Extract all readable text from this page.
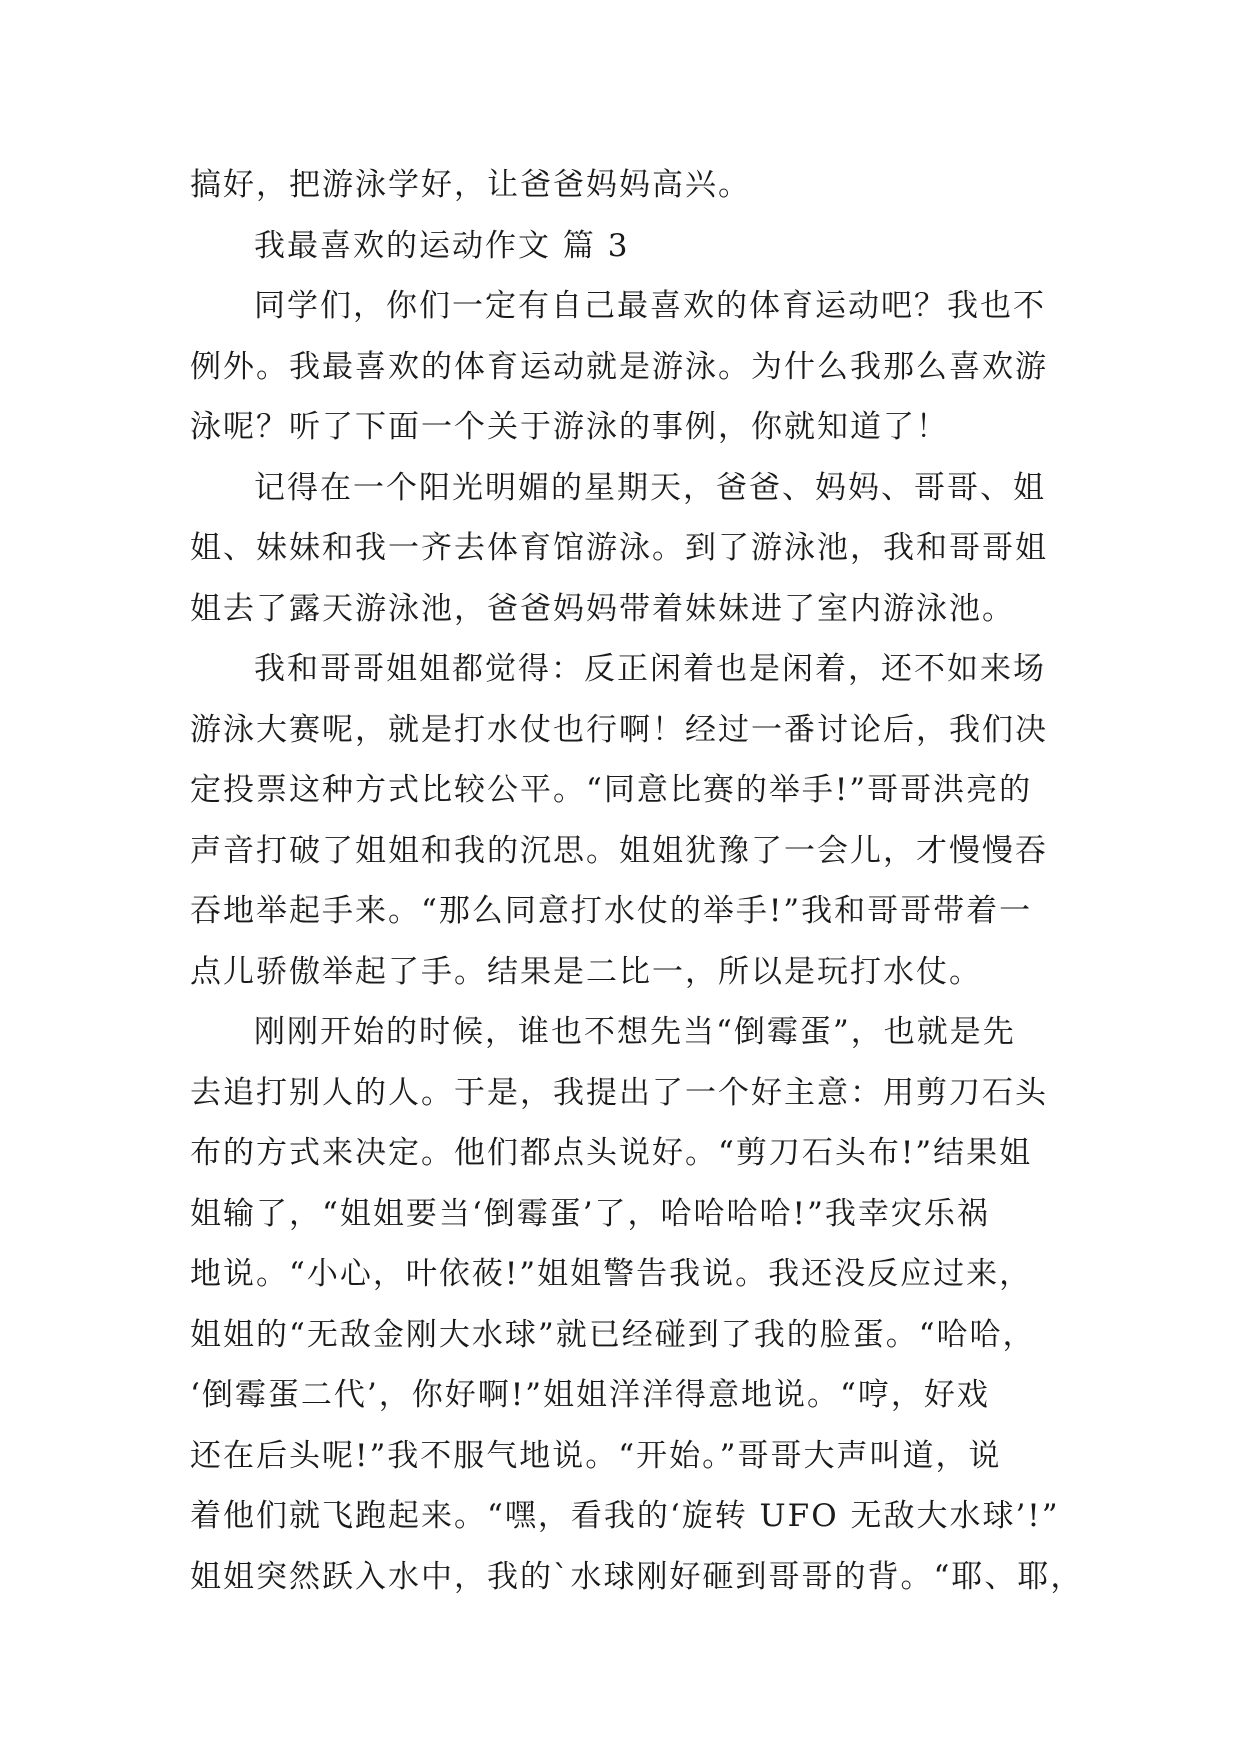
搞好，把游泳学好，让爸爸妈妈高兴。
我最喜欢的运动作文 篇 3
同学们，你们一定有自己最喜欢的体育运动吧？我也不
例外。我最喜欢的体育运动就是游泳。为什么我那么喜欢游
泳呢？听了下面一个关于游泳的事例，你就知道了！
记得在一个阳光明媚的星期天，爸爸、妈妈、哥哥、姐
姐、妹妹和我一齐去体育馆游泳。到了游泳池，我和哥哥姐
姐去了露天游泳池，爸爸妈妈带着妹妹进了室内游泳池。
我和哥哥姐姐都觉得：反正闲着也是闲着，还不如来场
游泳大赛呢，就是打水仗也行啊！经过一番讨论后，我们决
定投票这种方式比较公平。“同意比赛的举手!”哥哥洪亮的
声音打破了姐姐和我的沉思。姐姐犹豫了一会儿，才慢慢吞
吞地举起手来。“那么同意打水仗的举手!”我和哥哥带着一
点儿骄傲举起了手。结果是二比一，所以是玩打水仗。
刚刚开始的时候，谁也不想先当“倒霉蛋”，也就是先
去追打别人的人。于是，我提出了一个好主意：用剪刀石头
布的方式来决定。他们都点头说好。“剪刀石头布!”结果姐
姐输了，“姐姐要当‘倒霉蛋’了，哈哈哈哈!”我幸灾乐祸
地说。“小心，叶依莜!”姐姐警告我说。我还没反应过来，
姐姐的“无敌金刚大水球”就已经碰到了我的脸蛋。“哈哈，
‘倒霉蛋二代’，你好啊!”姐姐洋洋得意地说。“哼，好戏
还在后头呢!”我不服气地说。“开始。”哥哥大声叫道，说
着他们就飞跑起来。“嘿，看我的‘旋转 UFO 无敌大水球’!”
姐姐突然跃入水中，我的`水球刚好砸到哥哥的背。“耶、耶，
